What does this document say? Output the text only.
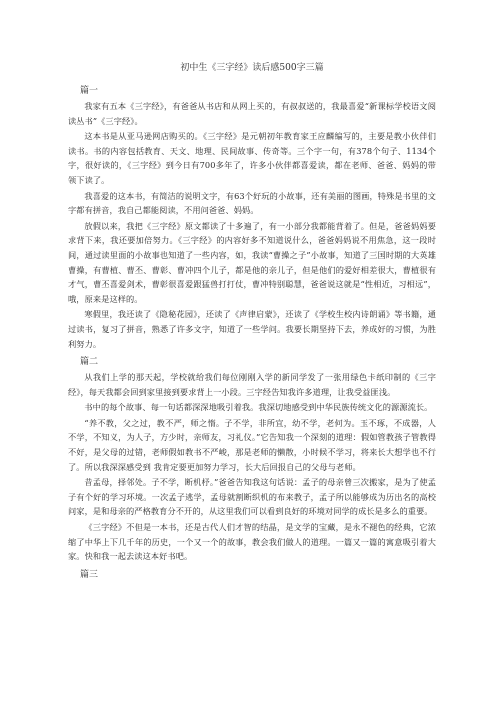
初中生《三字经》读后感500字三篇
篇一

我家有五本《三字经》，有爸爸从书店和从网上买的，有叔叔送的，我最喜爱“新课标学校语文阅读丛书”《三字经》。

这本书是从亚马逊网店购买的。《三字经》是元朝初年教育家王应麟编写的，主要是教小伙伴们读书。书的内容包括教育、天文、地理、民间故事、传奇等。三个字一句，有378个句子、1134个字，很好读的，《三字经》到今日有700多年了，许多小伙伴都喜爱读，都在老师、爸爸、妈妈的带领下读了。

我喜爱的这本书，有简洁的说明文字，有63个好玩的小故事，还有美丽的图画，特殊是书里的文字都有拼音，我自己都能阅读，不用问爸爸、妈妈。

放假以来，我把《三字经》原文都读了十多遍了，有一小部分我都能背着了。但是，爸爸妈妈要求背下来，我还要加倍努力。《三字经》的内容好多不知道说什么，爸爸妈妈说不用焦急，这一段时间，通过读里面的小故事也知道了一些内容，如，我读“曹操之子”小故事，知道了三国时期的大英雄曹操，有曹植、曹丕、曹彰、曹冲四个儿子，都是他的亲儿子，但是他们的爱好相差很大，曹植很有才气，曹丕喜爱剑术，曹彰很喜爱跟猛兽打打仗，曹冲特别聪慧，爸爸说这就是“性相近，习相远”，哦，原来是这样的。

寒假里，我还读了《隐秘花园》，还读了《声律启蒙》，还读了《学校生校内诗朗诵》等书籍，通过读书，复习了拼音，熟悉了许多文字，知道了一些学问。我要长期坚持下去，养成好的习惯，为胜利努力。

篇二

从我们上学的那天起，学校就给我们每位刚刚入学的新同学发了一张用绿色卡纸印制的《三字经》，每天我都会回到家里接到要求背上一小段。三字经告知我许多道理，让我受益匪浅。

书中的每个故事、每一句话都深深地吸引着我。我深切地感受到中华民族传统文化的源源流长。

“养不教，父之过，教不严，师之惰。子不学，非所宜，幼不学，老何为。玉不琢，不成器，人不学，不知义，为人子，方少时，亲师友，习礼仪。”它告知我一个深刻的道理：假如管教孩子管教得不好，是父母的过错，老师假如教书不严峻，那是老师的懒散，小时候不学习，将来长大想学也不行了。所以我深深感受到 我肯定要更加努力学习，长大后回报自己的父母与老师。

昔孟母，择邻处。子不学，断机杼。”爸爸告知我这句话说：孟子的母亲曾三次搬家，是为了使孟子有个好的学习环境。一次孟子逃学，孟母就割断织机的布来教子，孟子所以能够成为历出名的高校问家，是和母亲的严格教育分不开的，从这里我们可以看到良好的环境对同学的成长是多么的重要。

《三字经》不但是一本书，还是古代人们才智的结晶，是文学的宝藏，是永不褪色的经典，它浓缩了中华上下几千年的历史，一个又一个的故事，教会我们做人的道理。一篇又一篇的寓意吸引着大家。快和我一起去读这本好书吧。

篇三
